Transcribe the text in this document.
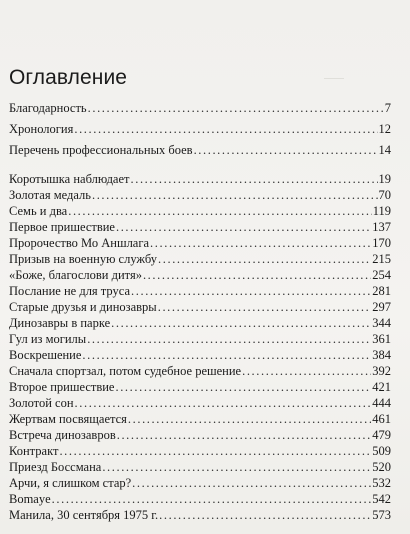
Оглавление
Благодарность .....	7
Хронология .....	12
Перечень профессиональных боев .....	14
Коротышка наблюдает .....	19
Золотая медаль .....	70
Семь и два .....	119
Первое пришествие .....	137
Пророчество Мо Аншлага .....	170
Призыв на военную службу .....	215
«Боже, благослови дитя» .....	254
Послание не для труса .....	281
Старые друзья и динозавры .....	297
Динозавры в парке .....	344
Гул из могилы .....	361
Воскрешение .....	384
Сначала спортзал, потом судебное решение .....	392
Второе пришествие .....	421
Золотой сон .....	444
Жертвам посвящается .....	461
Встреча динозавров .....	479
Контракт .....	509
Приезд Боссмана .....	520
Арчи, я слишком стар? .....	532
Bomaye .....	542
Манила, 30 сентября 1975 г. .....	573
